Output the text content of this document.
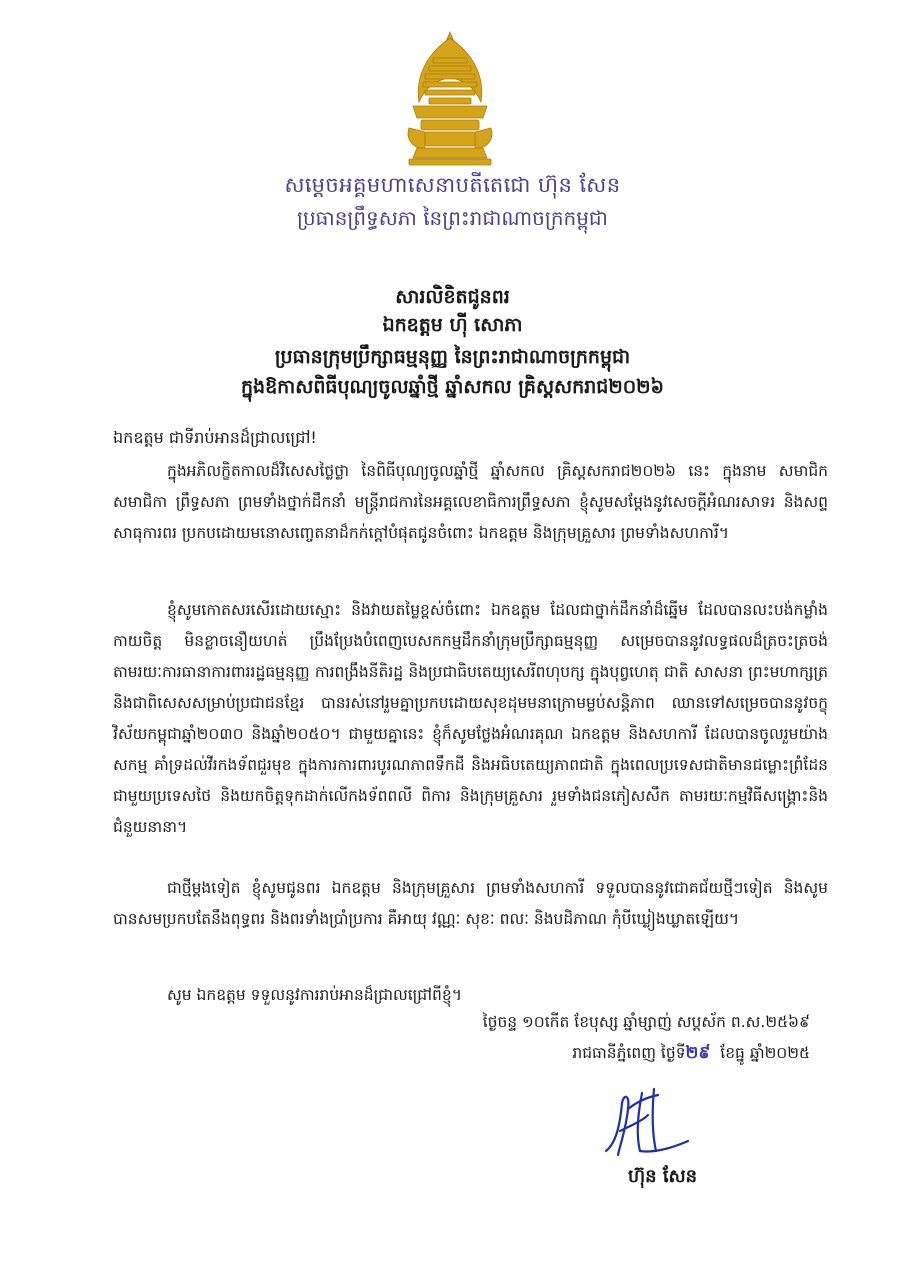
សម្តេចអគ្គមហាសេនាបតីតេជោ ហ៊ុន សែន
ប្រធានព្រឹទ្ធសភា នៃព្រះរាជាណាចក្រកម្ពុជា
សារលិខិតជូនពរ
ឯកឧត្តម ហ៊ី សោភា
ប្រធានក្រុមប្រឹក្សាធម្មនុញ្ញ នៃព្រះរាជាណាចក្រកម្ពុជា
ក្នុងឱកាសពិធីបុណ្យចូលឆ្នាំថ្មី ឆ្នាំសកល គ្រិស្តសករាជ២០២៦
ឯកឧត្តម ជាទីរាប់អានដ៏ជ្រាលជ្រៅ!
ក្នុងអភិលក្ខិតកាលដ៏វិសេសថ្លៃថ្លា នៃពិធីបុណ្យចូលឆ្នាំថ្មី ឆ្នាំសកល គ្រិស្តសករាជ២០២៦ នេះ ក្នុងនាម សមាជិក សមាជិកា ព្រឹទ្ធសភា ព្រមទាំងថ្នាក់ដឹកនាំ មន្ត្រីរាជការនៃអគ្គលេខាធិការព្រឹទ្ធសភា ខ្ញុំសូមសម្តែងនូវសេចក្តីអំណរសាទរ និងសព្ទសាធុការពរ ប្រកបដោយមនោសញ្ចេតនាដ៏កក់ក្តៅបំផុតជូនចំពោះ ឯកឧត្តម និងក្រុមគ្រួសារ ព្រមទាំងសហការី។
ខ្ញុំសូមកោតសរសើរដោយស្មោះ និងវាយតម្លៃខ្ពស់ចំពោះ ឯកឧត្តម ដែលជាថ្នាក់ដឹកនាំដ៏ឆ្នើម ដែលបានលះបង់កម្លាំងកាយចិត្ត មិនខ្លាចនឿយហត់ ប្រឹងប្រែងបំពេញបេសកកម្មដឹកនាំក្រុមប្រឹក្សាធម្មនុញ្ញ សម្រេចបាននូវលទ្ធផលដ៏ត្រចះត្រចង់ តាមរយៈការធានាការពាររដ្ឋធម្មនុញ្ញ ការពង្រឹងនីតិរដ្ឋ និងប្រជាធិបតេយ្យសេរីពហុបក្ស ក្នុងបុព្វហេតុ ជាតិ សាសនា ព្រះមហាក្សត្រ និងជាពិសេសសម្រាប់ប្រជាជនខ្មែរ បានរស់នៅរួមគ្នាប្រកបដោយសុខដុមមនាក្រោមម្លប់សន្តិភាព ឈានទៅសម្រេចបាននូវចក្ខុវិស័យកម្ពុជាឆ្នាំ២០៣០ និងឆ្នាំ២០៥០។ ជាមួយគ្នានេះ ខ្ញុំក៏សូមថ្លែងអំណរគុណ ឯកឧត្តម និងសហការី ដែលបានចូលរួមយ៉ាងសកម្ម គាំទ្រដល់វីរកងទ័ពជួរមុខ ក្នុងការការពារបូរណភាពទឹកដី និងអធិបតេយ្យភាពជាតិ ក្នុងពេលប្រទេសជាតិមានជម្លោះព្រំដែនជាមួយប្រទេសថៃ និងយកចិត្តទុកដាក់លើកងទ័ពពលី ពិការ និងក្រុមគ្រួសារ រួមទាំងជនភៀសសឹក តាមរយៈកម្មវិធីសង្គ្រោះនិងជំនួយនានា។
ជាថ្មីម្តងទៀត ខ្ញុំសូមជូនពរ ឯកឧត្តម និងក្រុមគ្រួសារ ព្រមទាំងសហការី ទទួលបាននូវជោគជ័យថ្មីៗទៀត និងសូមបានសមប្រកបតែនឹងពុទ្ធពរ និងពរទាំងប្រាំប្រការ គឺអាយុ វណ្ណៈ សុខៈ ពលៈ និងបដិភាណ កុំបីឃ្លៀងឃ្លាតឡើយ។
សូម ឯកឧត្តម ទទួលនូវការរាប់អានដ៏ជ្រាលជ្រៅពីខ្ញុំ។
ថ្ងៃចន្ទ ១០កើត ខែបុស្ស ឆ្នាំម្សាញ់ សប្តស័ក ព.ស.២៥៦៩
រាជធានីភ្នំពេញ ថ្ងៃទី២៩ ខែធ្នូ ឆ្នាំ២០២៥
ហ៊ុន សែន
